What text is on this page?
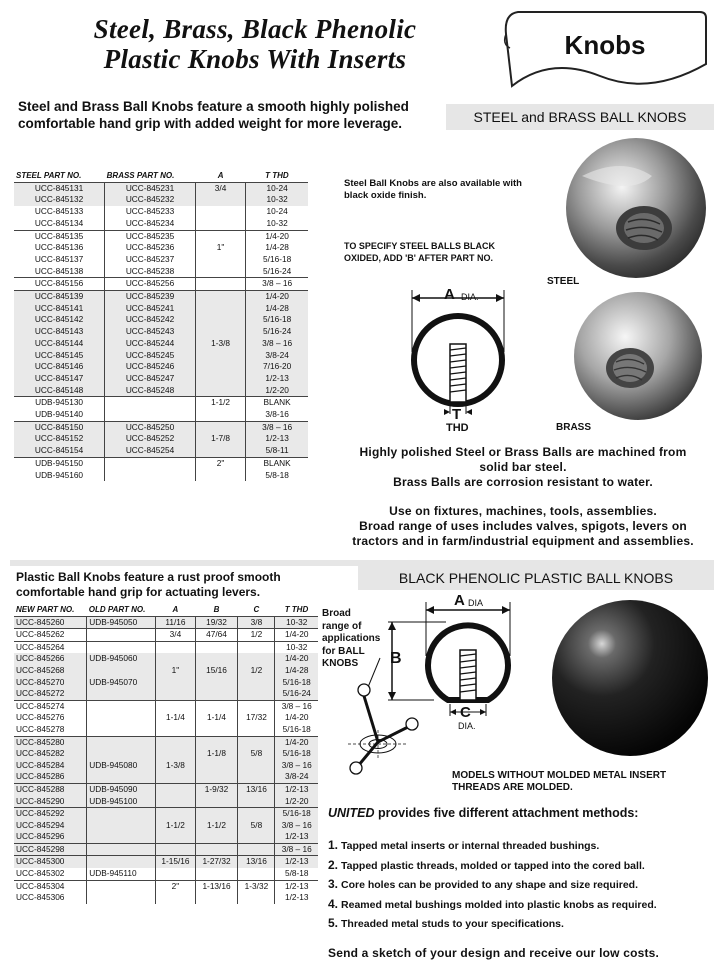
Steel, Brass, Black Phenolic
Plastic Knobs With Inserts	Knobs
Steel and Brass Ball Knobs feature a smooth highly polished comfortable hand grip with added weight for more leverage.	STEEL and BRASS BALL KNOBS
STEEL PART NO.	BRASS PART NO.	A	T THD
UCC-845131	UCC-845231	3/4	10-24
UCC-845132	UCC-845232		10-32
UCC-845133	UCC-845233		10-24
UCC-845134	UCC-845234		10-32
UCC-845135	UCC-845235		1/4-20
UCC-845136	UCC-845236	1"	1/4-28
UCC-845137	UCC-845237		5/16-18
UCC-845138	UCC-845238		5/16-24
UCC-845156	UCC-845256		3/8 – 16
UCC-845139	UCC-845239		1/4-20
UCC-845141	UCC-845241		1/4-28
UCC-845142	UCC-845242		5/16-18
UCC-845143	UCC-845243		5/16-24
UCC-845144	UCC-845244	1-3/8	3/8 – 16
UCC-845145	UCC-845245		3/8-24
UCC-845146	UCC-845246		7/16-20
UCC-845147	UCC-845247		1/2-13
UCC-845148	UCC-845248		1/2-20
UDB-945130		1-1/2	BLANK
UDB-945140			3/8-16
UCC-845150	UCC-845250		3/8 – 16
UCC-845152	UCC-845252	1-7/8	1/2-13
UCC-845154	UCC-845254		5/8-11
UDB-945150		2"	BLANK
UDB-945160			5/8-18
Steel Ball Knobs are also available with black oxide finish.
TO SPECIFY STEEL BALLS BLACK OXIDED, ADD 'B' AFTER PART NO.
STEEL
A DIA.
T
THD	BRASS
Highly polished Steel or Brass Balls are machined from
solid bar steel.
Brass Balls are corrosion resistant to water.
Use on fixtures, machines, tools, assemblies.
Broad range of uses includes valves, spigots, levers on
tractors and in farm/industrial equipment and assemblies.
Plastic Ball Knobs feature a rust proof smooth comfortable hand grip for actuating levers.
BLACK PHENOLIC PLASTIC BALL KNOBS
NEW PART NO.	OLD PART NO.	A	B	C	T THD
UCC-845260	UDB-945050	11/16	19/32	3/8	10-32
UCC-845262		3/4	47/64	1/2	1/4-20
UCC-845264					10-32
UCC-845266	UDB-945060				1/4-20
UCC-845268		1"	15/16	1/2	1/4-28
UCC-845270	UDB-945070				5/16-18
UCC-845272					5/16-24
UCC-845274					3/8 – 16
UCC-845276		1-1/4	1-1/4	17/32	1/4-20
UCC-845278					5/16-18
UCC-845280					1/4-20
UCC-845282			1-1/8	5/8	5/16-18
UCC-845284	UDB-945080	1-3/8			3/8 – 16
UCC-845286					3/8-24
UCC-845288	UDB-945090		1-9/32	13/16	1/2-13
UCC-845290	UDB-945100				1/2-20
UCC-845292					5/16-18
UCC-845294		1-1/2	1-1/2	5/8	3/8 – 16
UCC-845296					1/2-13
UCC-845298					3/8 – 16
UCC-845300		1-15/16	1-27/32	13/16	1/2-13
UCC-845302	UDB-945110				5/8-18
UCC-845304		2"	1-13/16	1-3/32	1/2-13
UCC-845306					1/2-13
Broad
range of
applications
for BALL
KNOBS
A DIA
B
C
DIA.
MODELS WITHOUT MOLDED METAL INSERT
THREADS ARE MOLDED.
UNITED provides five different attachment methods:
1. Tapped metal inserts or internal threaded bushings.
2. Tapped plastic threads, molded or tapped into the cored ball.
3. Core holes can be provided to any shape and size required.
4. Reamed metal bushings molded into plastic knobs as required.
5. Threaded metal studs to your specifications.
Send a sketch of your design and receive our low costs.
